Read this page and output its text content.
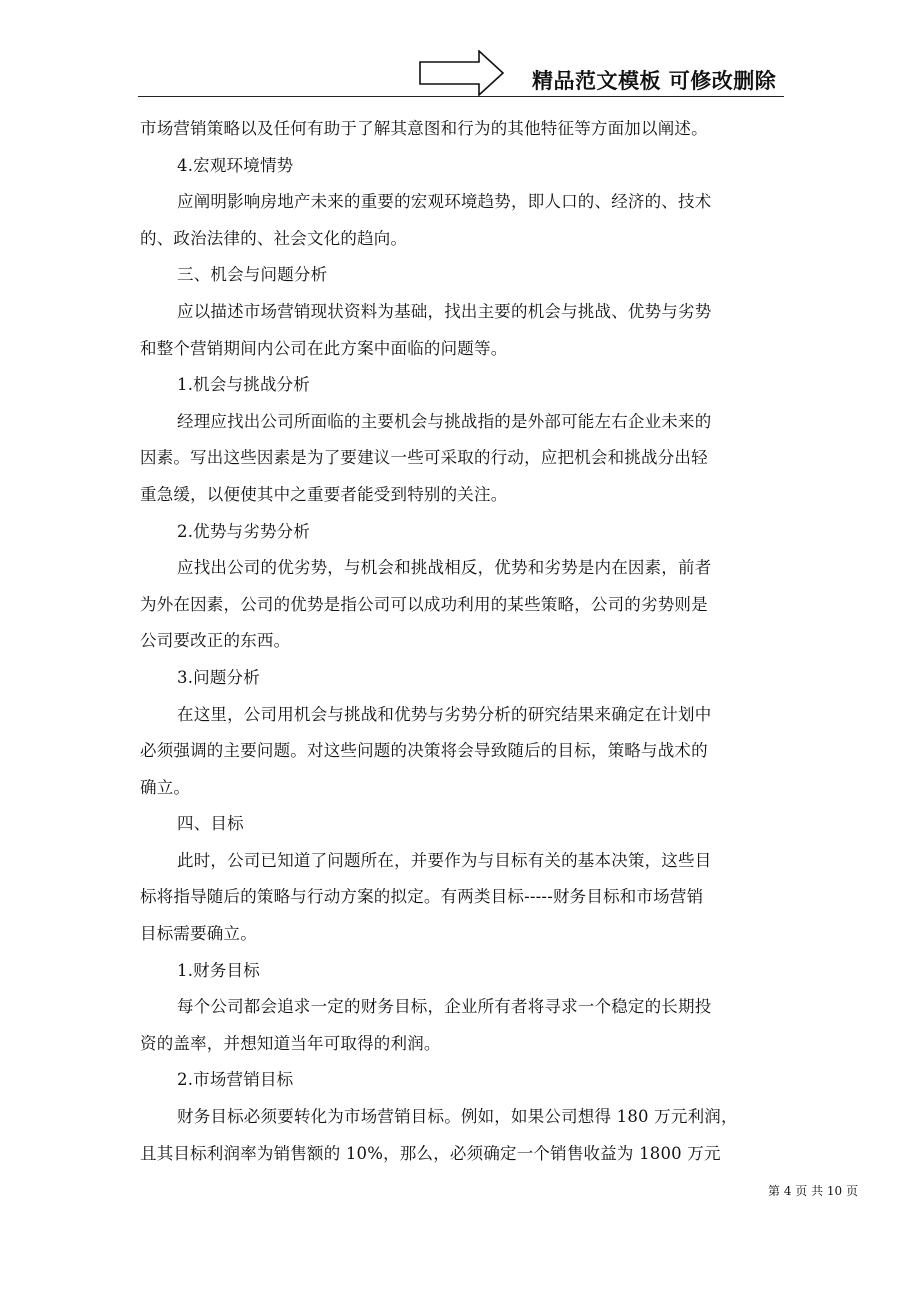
精品范文模板 可修改删除
市场营销策略以及任何有助于了解其意图和行为的其他特征等方面加以阐述。
4.宏观环境情势
应阐明影响房地产未来的重要的宏观环境趋势，即人口的、经济的、技术
的、政治法律的、社会文化的趋向。
三、机会与问题分析
应以描述市场营销现状资料为基础，找出主要的机会与挑战、优势与劣势
和整个营销期间内公司在此方案中面临的问题等。
1.机会与挑战分析
经理应找出公司所面临的主要机会与挑战指的是外部可能左右企业未来的
因素。写出这些因素是为了要建议一些可采取的行动，应把机会和挑战分出轻
重急缓，以便使其中之重要者能受到特别的关注。
2.优势与劣势分析
应找出公司的优劣势，与机会和挑战相反，优势和劣势是内在因素，前者
为外在因素，公司的优势是指公司可以成功利用的某些策略，公司的劣势则是
公司要改正的东西。
3.问题分析
在这里，公司用机会与挑战和优势与劣势分析的研究结果来确定在计划中
必须强调的主要问题。对这些问题的决策将会导致随后的目标，策略与战术的
确立。
四、目标
此时，公司已知道了问题所在，并要作为与目标有关的基本决策，这些目
标将指导随后的策略与行动方案的拟定。有两类目标-----财务目标和市场营销
目标需要确立。
1.财务目标
每个公司都会追求一定的财务目标，企业所有者将寻求一个稳定的长期投
资的盖率，并想知道当年可取得的利润。
2.市场营销目标
财务目标必须要转化为市场营销目标。例如，如果公司想得 180 万元利润，
且其目标利润率为销售额的 10%，那么，必须确定一个销售收益为 1800 万元
第 4 页 共 10 页
